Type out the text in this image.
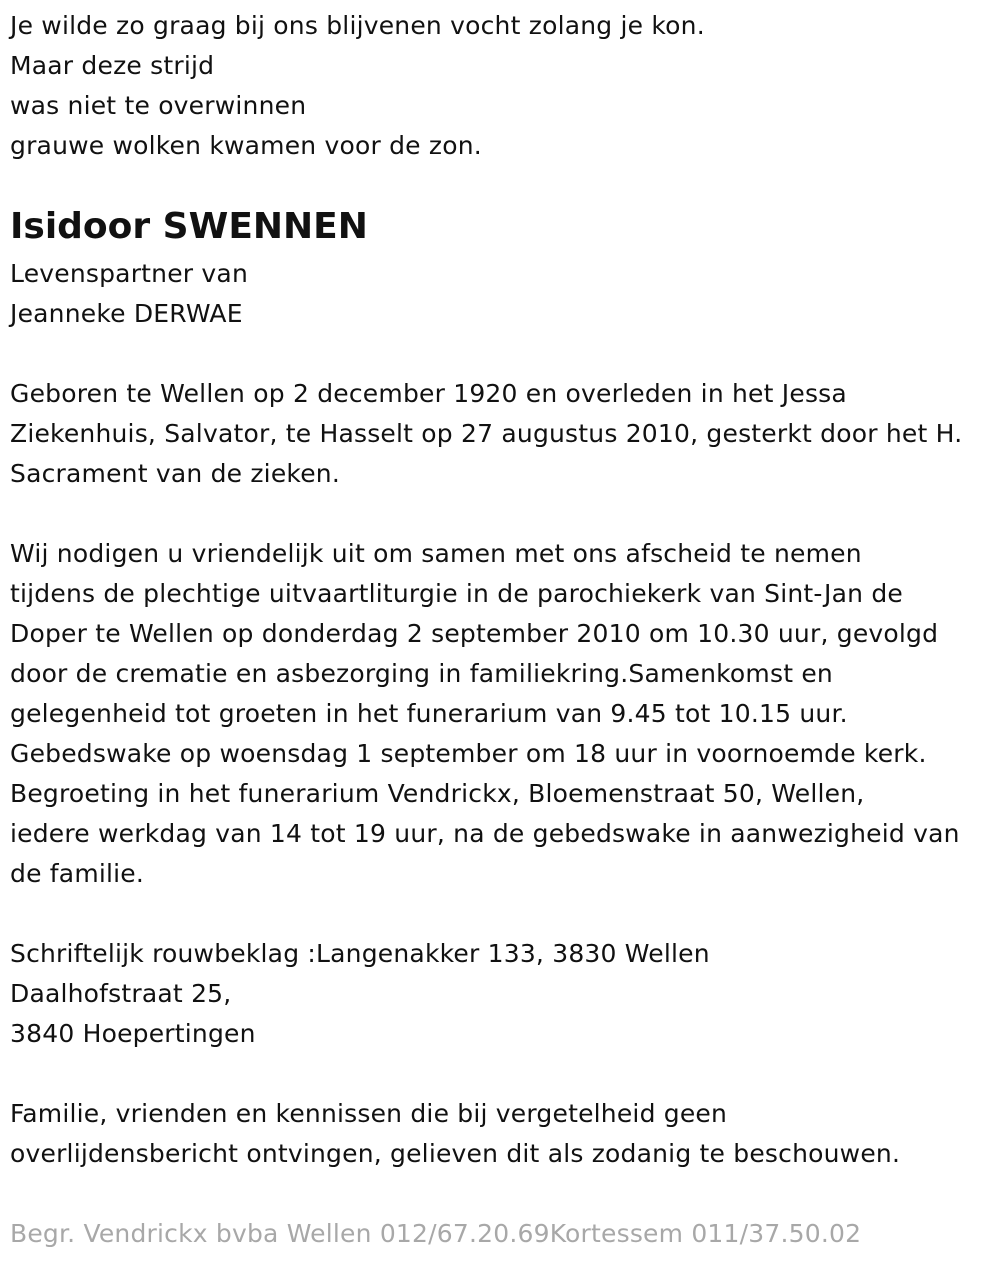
Je wilde zo graag bij ons blijvenen vocht zolang je kon.

Maar deze strijd

was niet te overwinnen

grauwe wolken kwamen voor de zon.

Isidoor SWENNEN

Levenspartner van

Jeanneke DERWAE

Geboren te Wellen op 2 december 1920 en overleden in het Jessa

Ziekenhuis, Salvator, te Hasselt op 27 augustus 2010, gesterkt door het H.

Sacrament van de zieken.

Wij nodigen u vriendelijk uit om samen met ons afscheid te nemen

tijdens de plechtige uitvaartliturgie in de parochiekerk van Sint-Jan de

Doper te Wellen op donderdag 2 september 2010 om 10.30 uur, gevolgd

door de crematie en asbezorging in familiekring.Samenkomst en

gelegenheid tot groeten in het funerarium van 9.45 tot 10.15 uur.

Gebedswake op woensdag 1 september om 18 uur in voornoemde kerk.

Begroeting in het funerarium Vendrickx, Bloemenstraat 50, Wellen,

iedere werkdag van 14 tot 19 uur, na de gebedswake in aanwezigheid van

de familie.

Schriftelijk rouwbeklag :Langenakker 133, 3830 Wellen

Daalhofstraat 25,

3840 Hoepertingen

Familie, vrienden en kennissen die bij vergetelheid geen

overlijdensbericht ontvingen, gelieven dit als zodanig te beschouwen.

Begr. Vendrickx bvba Wellen 012/67.20.69Kortessem 011/37.50.02
